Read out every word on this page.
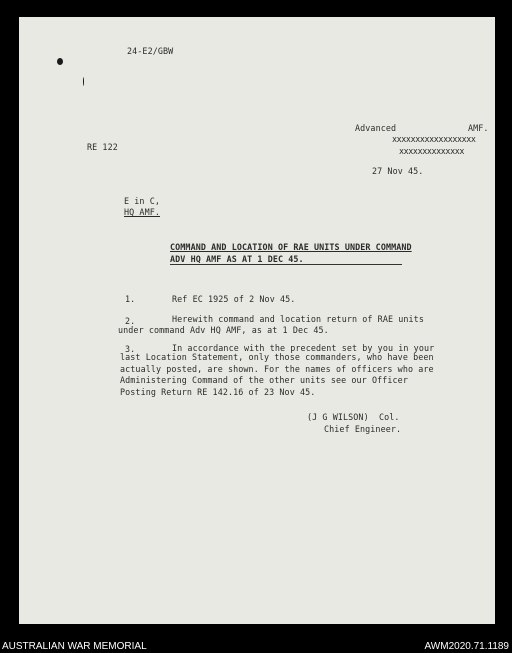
24-E2/GBW
Advanced	AMF.
xxxxxxxxxxxxxxxxxx
xxxxxxxxxxxxxx
RE 122
27 Nov 45.
E in C,
HQ AMF.
COMMAND AND LOCATION OF RAE UNITS UNDER COMMAND
ADV HQ AMF AS AT 1 DEC 45.
1.	Ref EC 1925 of 2 Nov 45.
2.	Herewith command and location return of RAE units
under command Adv HQ AMF, as at 1 Dec 45.
3.	In accordance with the precedent set by you in your
last Location Statement, only those commanders, who have been actually posted, are shown. For the names of officers who are Administering Command of the other units see our Officer Posting Return RE 142.16 of 23 Nov 45.
(J G WILSON)  Col.
Chief Engineer.
AUSTRALIAN WAR MEMORIAL	AWM2020.71.1189
